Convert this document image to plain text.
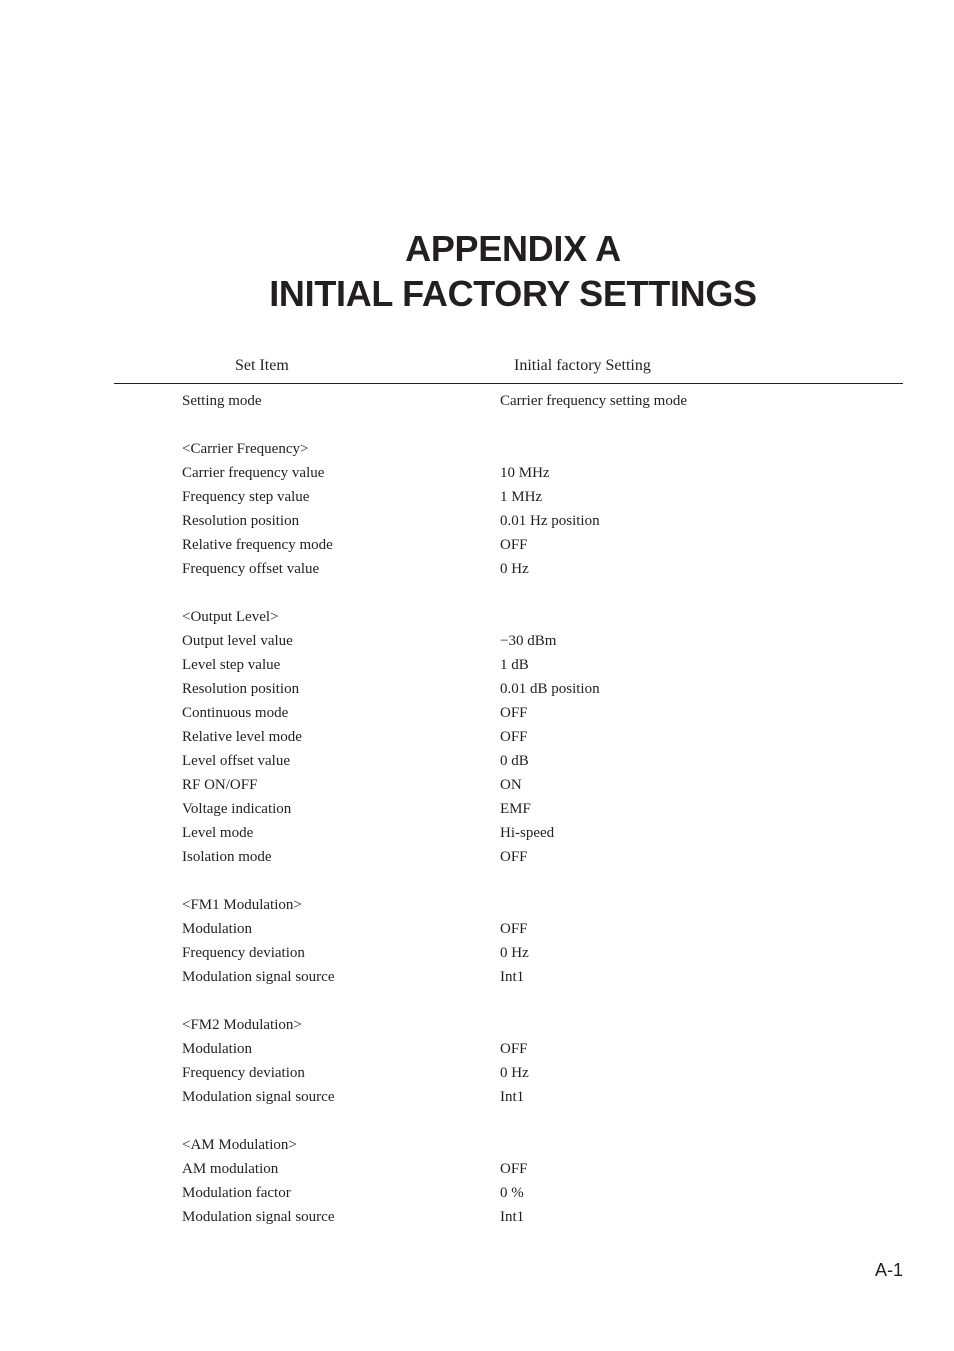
APPENDIX A
INITIAL FACTORY SETTINGS
Set Item	Initial factory Setting
Setting mode	Carrier frequency setting mode
<Carrier Frequency>
Carrier frequency value	10 MHz
Frequency step value	1 MHz
Resolution position	0.01 Hz position
Relative frequency mode	OFF
Frequency offset value	0 Hz
<Output Level>
Output level value	−30 dBm
Level step value	1 dB
Resolution position	0.01 dB position
Continuous mode	OFF
Relative level mode	OFF
Level offset value	0 dB
RF ON/OFF	ON
Voltage indication	EMF
Level mode	Hi-speed
Isolation mode	OFF
<FM1 Modulation>
Modulation	OFF
Frequency deviation	0 Hz
Modulation signal source	Int1
<FM2 Modulation>
Modulation	OFF
Frequency deviation	0 Hz
Modulation signal source	Int1
<AM Modulation>
AM modulation	OFF
Modulation factor	0 %
Modulation signal source	Int1
A-1
